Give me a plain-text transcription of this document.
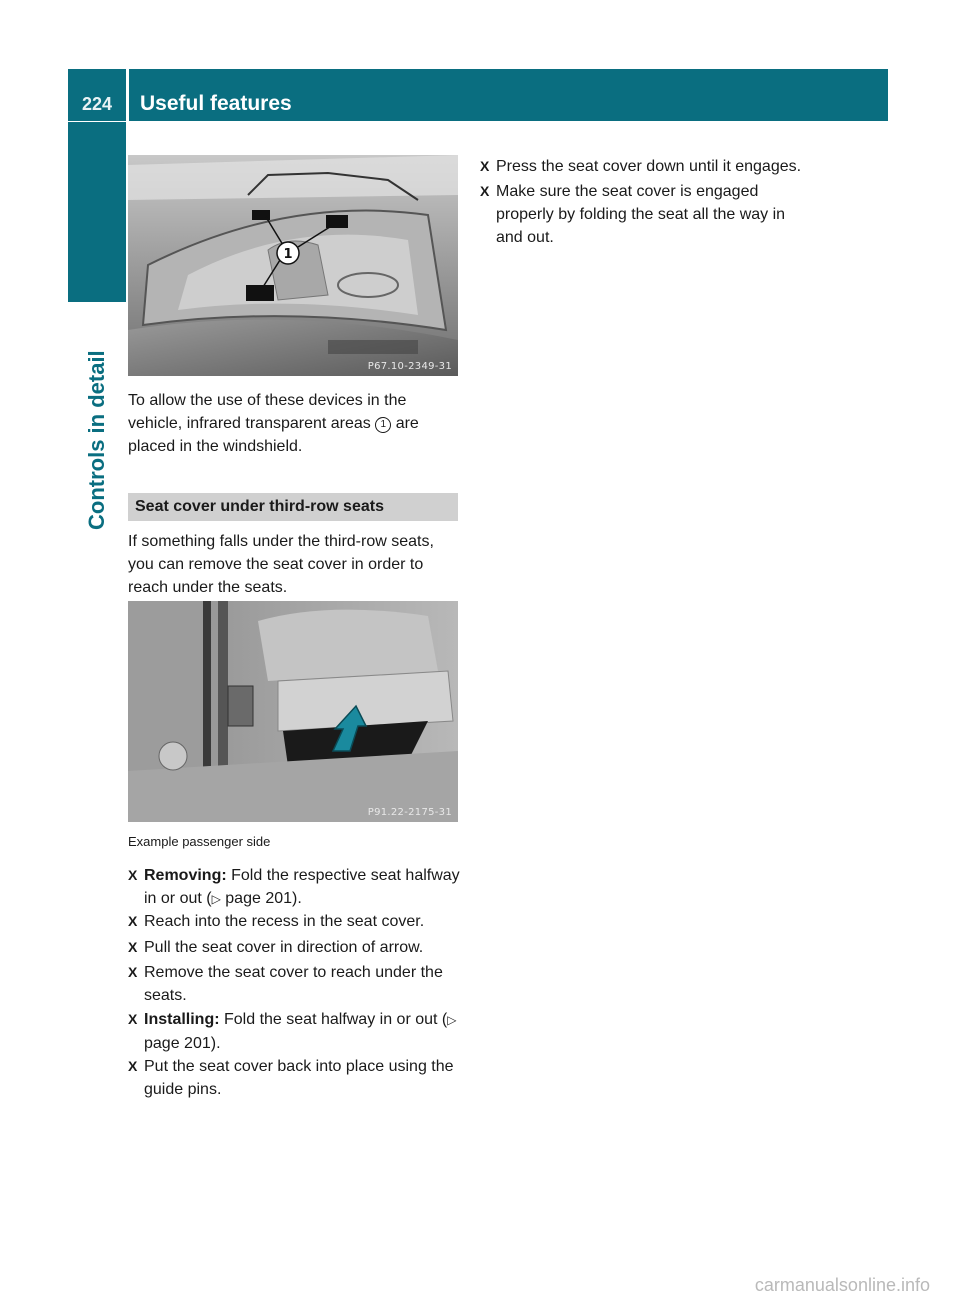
224	Useful features
Controls in detail
1
P67.10-2349-31

To allow the use of these devices in the vehicle, infrared transparent areas 1 are placed in the windshield.

Seat cover under third-row seats

If something falls under the third-row seats, you can remove the seat cover in order to reach under the seats.

P91.22-2175-31
Example passenger side
X Removing: Fold the respective seat halfway in or out (▷ page 201).
X Reach into the recess in the seat cover.
X Pull the seat cover in direction of arrow.
X Remove the seat cover to reach under the seats.
X Installing: Fold the seat halfway in or out (▷ page 201).
X Put the seat cover back into place using the guide pins.
X Press the seat cover down until it engages.
X Make sure the seat cover is engaged properly by folding the seat all the way in and out.
carmanualsonline.info
